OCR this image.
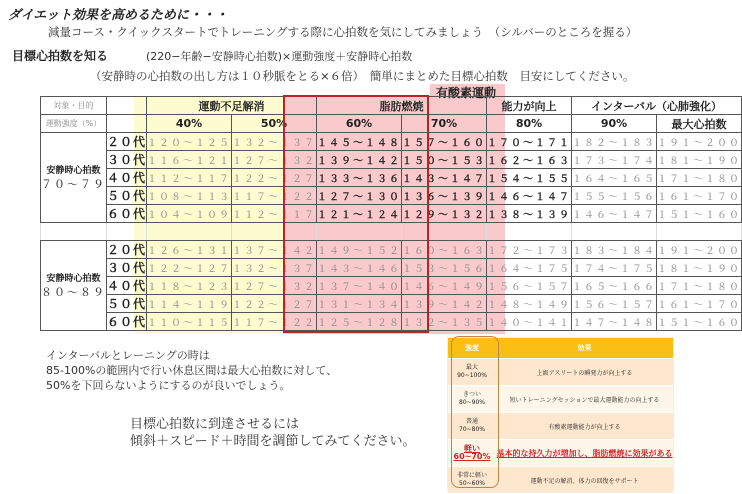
ダイエット効果を高めるために・・・
減量コース・クイックスタートでトレーニングする際に心拍数を気にしてみましょう　（シルバーのところを握る）
目標心拍数を知る	(220−年齢−安静時心拍数)×運動強度＋安静時心拍数
（安静時の心拍数の出し方は１０秒脈をとる×６倍）　簡単にまとめた目標心拍数　目安にしてください。
有酸素運動
対象・目的		運動不足解消		脂肪燃焼		能力が向上	インターバル（心肺強化）	
運動強度（%）		40%	50%	60%	70%	80%	90%	最大心拍数

安静時心拍数
７０〜７９	２０代	１２０〜１２５	１３２〜１３７	１４５〜１４８	１５７〜１６０	１７０〜１７１	１８２〜１８３	１９１〜２００
	３０代	１１６〜１２１	１２７〜１３２	１３９〜１４２	１５０〜１５３	１６２〜１６３	１７３〜１７４	１８１〜１９０
	４０代	１１２〜１１７	１２２〜１２７	１３３〜１３６	１４３〜１４７	１５４〜１５５	１６４〜１６５	１７１〜１８０
	５０代	１０８〜１１３	１１７〜１２２	１２７〜１３０	１３６〜１３９	１４６〜１４７	１５５〜１５６	１６１〜１７０
	６０代	１０４〜１０９	１１２〜１１７	１２１〜１２４	１２９〜１３２	１３８〜１３９	１４６〜１４７	１５１〜１６０

安静時心拍数
８０〜８９	２０代	１２６〜１３１	１３７〜１４２	１４９〜１５２	１６０〜１６３	１７２〜１７３	１８３〜１８４	１９１〜２００
	３０代	１２２〜１２７	１３２〜１３７	１４３〜１４６	１５３〜１５６	１６４〜１７５	１７４〜１７５	１８１〜１９０
	４０代	１１８〜１２３	１２７〜１３２	１３７〜１４０	１４６〜１４９	１５６〜１５７	１６５〜１６６	１７１〜１８０
	５０代	１１４〜１１９	１２２〜１２７	１３１〜１３４	１３９〜１４２	１４８〜１４９	１５６〜１５７	１６１〜１７０
	６０代	１１０〜１１５	１１７〜１２２	１２５〜１２８	１３２〜１３５	１４０〜１４１	１４７〜１４８	１５１〜１６０
インターバルとレーニングの時は
85-100%の範囲内で行い休息区間は最大心拍数に対して、
50%を下回らないようにするのが良いでしょう。
目標心拍数に到達させるには
傾斜＋スピード＋時間を調節してみてください。
強度	効果
最大
90~100%	上級アスリートの瞬発力が向上する
きつい
80~90%	短いトレーニングセッションで最大運動能力の向上する
普通
70~80%	有酸素運動能力が向上する
軽い
60~70% 基本的な持久力が増加し、脂肪燃焼に効果がある
非常に軽い
50~60%	運動不足の解消、体力の回復をサポート
